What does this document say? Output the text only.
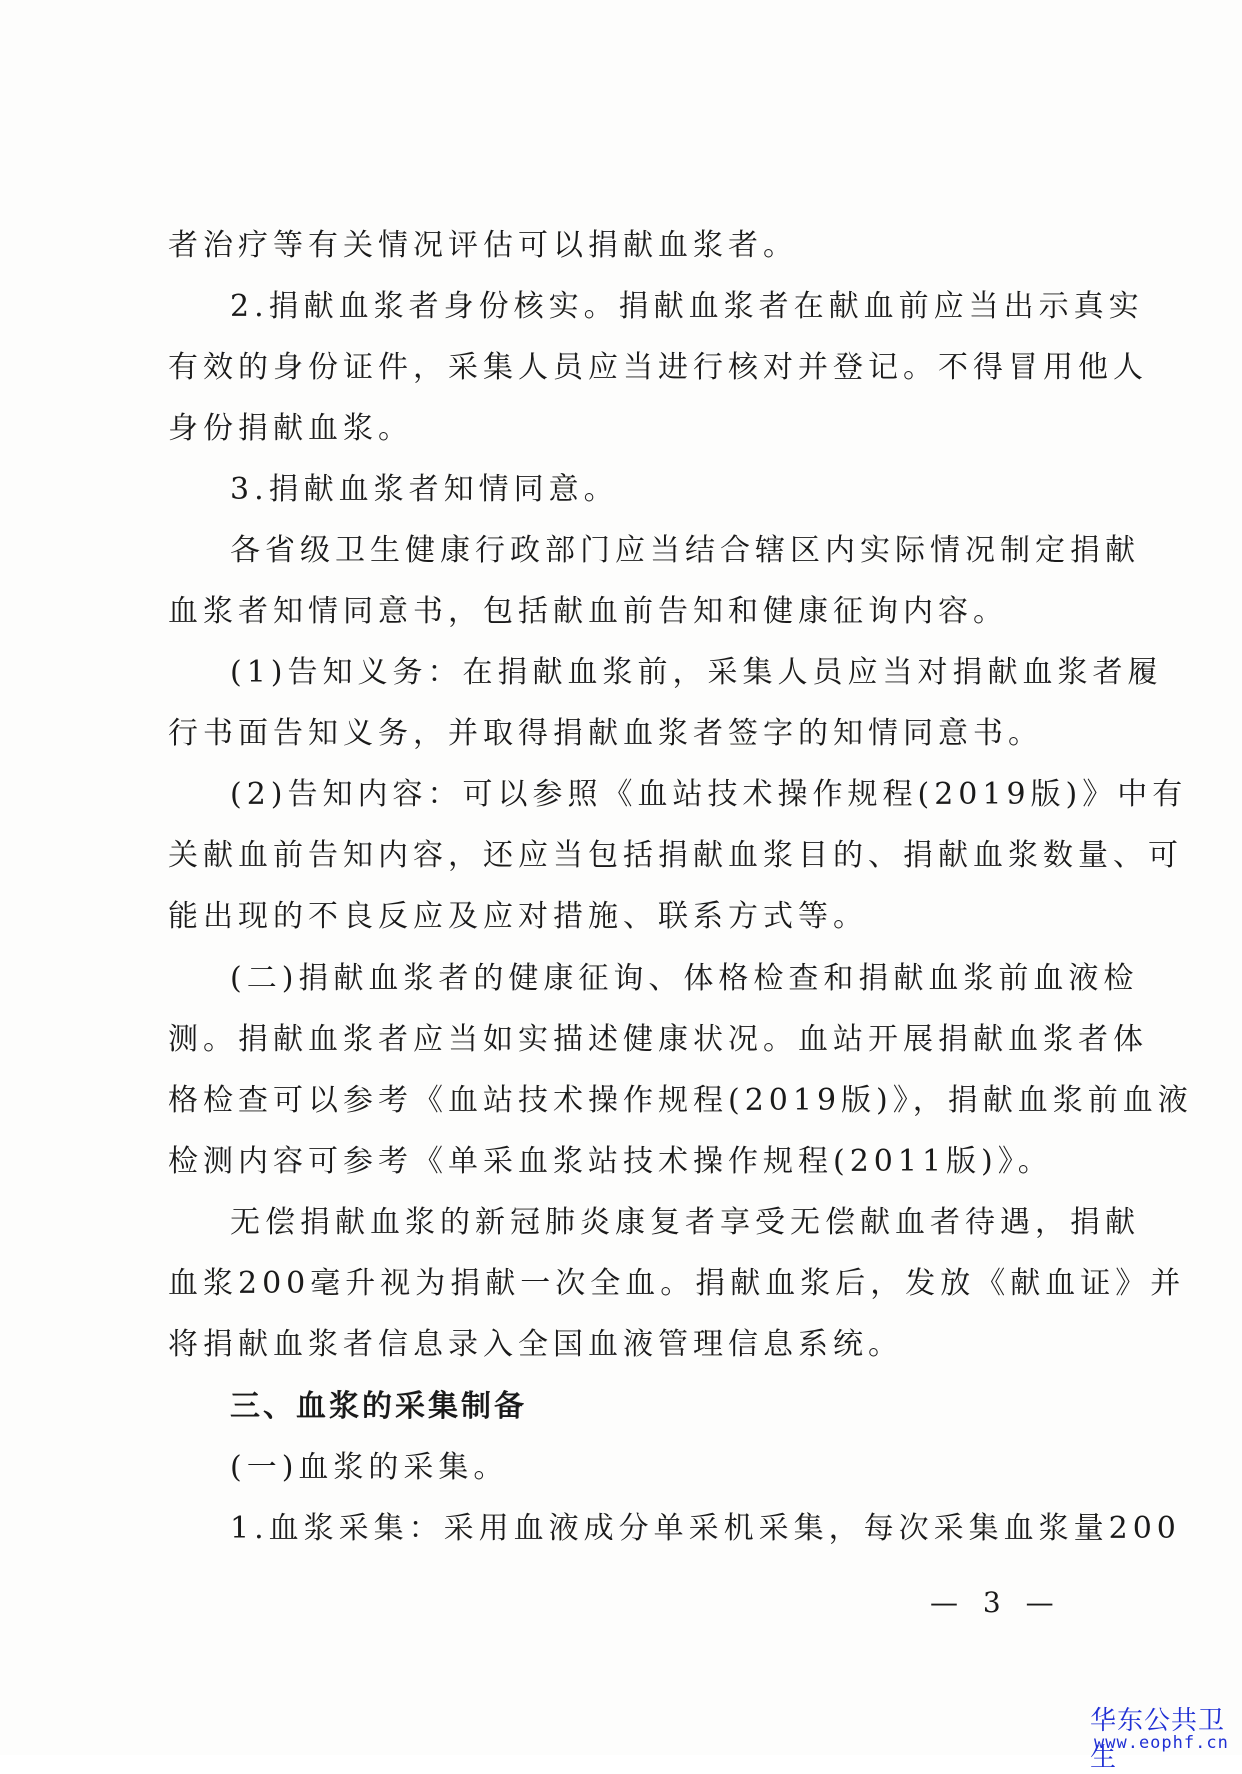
者治疗等有关情况评估可以捐献血浆者。
2.捐献血浆者身份核实。捐献血浆者在献血前应当出示真实
有效的身份证件，采集人员应当进行核对并登记。不得冒用他人
身份捐献血浆。
3.捐献血浆者知情同意。
各省级卫生健康行政部门应当结合辖区内实际情况制定捐献
血浆者知情同意书，包括献血前告知和健康征询内容。
(1)告知义务：在捐献血浆前，采集人员应当对捐献血浆者履
行书面告知义务，并取得捐献血浆者签字的知情同意书。
(2)告知内容：可以参照《血站技术操作规程(2019版)》中有
关献血前告知内容，还应当包括捐献血浆目的、捐献血浆数量、可
能出现的不良反应及应对措施、联系方式等。
(二)捐献血浆者的健康征询、体格检查和捐献血浆前血液检
测。捐献血浆者应当如实描述健康状况。血站开展捐献血浆者体
格检查可以参考《血站技术操作规程(2019版)》，捐献血浆前血液
检测内容可参考《单采血浆站技术操作规程(2011版)》。
无偿捐献血浆的新冠肺炎康复者享受无偿献血者待遇，捐献
血浆200毫升视为捐献一次全血。捐献血浆后，发放《献血证》并
将捐献血浆者信息录入全国血液管理信息系统。
三、血浆的采集制备
(一)血浆的采集。
1.血浆采集：采用血液成分单采机采集，每次采集血浆量200
— 3 —
华东公共卫生
www.eophf.cn
